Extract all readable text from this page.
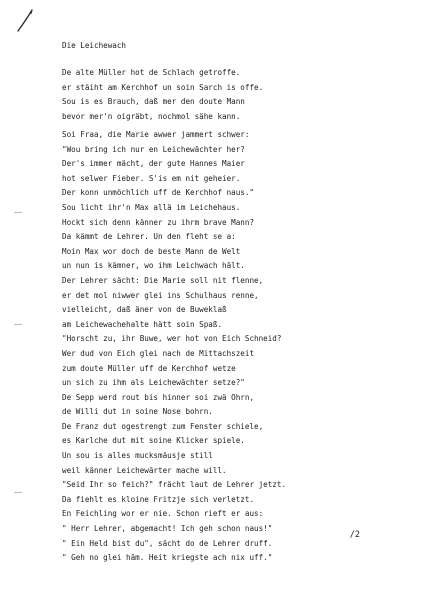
Die Leichewach
De alte Müller hot de Schlach getroffe.
er stäiht am Kerchhof un soin Sarch is offe.
Sou is es Brauch, daß mer den doute Mann
bevor mer'n oigräbt, nochmol sähe kann.
Soi Fraa, die Marie awwer jammert schwer:
"Wou bring ich nur en Leichewächter her?
Der's immer mächt, der gute Hannes Maier
hot selwer Fieber. S'is em nit geheier.
Der konn unmöchlich uff de Kerchhof naus."
Sou licht ihr'n Max allä im Leichehaus.
Hockt sich denn känner zu ihrm brave Mann?
Da kämmt de Lehrer. Un den fleht se a:
Moin Max wor doch de beste Mann de Welt
un nun is kämner, wo ihm Leichwach hält.
Der Lehrer sächt: Die Marie soll nit flenne,
er det mol niwwer glei ins Schulhaus renne,
vielleicht, daß äner von de Buweklaß
am Leichewachehalte hätt soin Spaß.
"Horscht zu, ihr Buwe, wer hot von Eich Schneid?
Wer dud von Eich glei nach de Mittachszeit
zum doute Müller uff de Kerchhof wetze
un sich zu ihm als Leichewächter setze?"
De Sepp werd rout bis hinner soi zwä Ohrn,
de Willi dut in soine Nose bohrn.
De Franz dut ogestrengt zum Fenster schiele,
es Karlche dut mit soine Klicker spiele.
Un sou is alles mucksmäusje still
weil känner Leichewärter mache will.
"Seid Ihr so feich?" frächt laut de Lehrer jetzt.
Da fiehlt es kloine Fritzje sich verletzt.
En Feichling wor er nie. Schon rieft er aus:
" Herr Lehrer, abgemacht! Ich geh schon naus!"
" Ein Held bist du", sächt do de Lehrer druff.
" Geh no glei häm. Heit kriegste ach nix uff."
/2
